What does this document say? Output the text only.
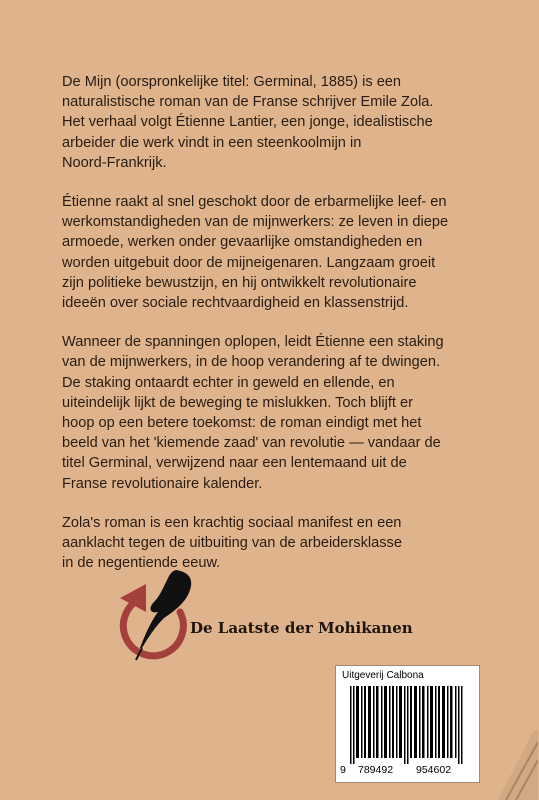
De Mijn (oorspronkelijke titel: Germinal, 1885) is een
naturalistische roman van de Franse schrijver Emile Zola.
Het verhaal volgt Étienne Lantier, een jonge, idealistische
arbeider die werk vindt in een steenkoolmijn in
Noord-Frankrijk.

Étienne raakt al snel geschokt door de erbarmelijke leef- en
werkomstandigheden van de mijnwerkers: ze leven in diepe
armoede, werken onder gevaarlijke omstandigheden en
worden uitgebuit door de mijneigenaren. Langzaam groeit
zijn politieke bewustzijn, en hij ontwikkelt revolutionaire
ideeën over sociale rechtvaardigheid en klassenstrijd.

Wanneer de spanningen oplopen, leidt Étienne een staking
van de mijnwerkers, in de hoop verandering af te dwingen.
De staking ontaardt echter in geweld en ellende, en
uiteindelijk lijkt de beweging te mislukken. Toch blijft er
hoop op een betere toekomst: de roman eindigt met het
beeld van het 'kiemende zaad' van revolutie — vandaar de
titel Germinal, verwijzend naar een lentemaand uit de
Franse revolutionaire kalender.

Zola's roman is een krachtig sociaal manifest en een
aanklacht tegen de uitbuiting van de arbeidersklasse
in de negentiende eeuw.

De Laatste der Mohikanen
Uitgeverij Calbona
9 789492 954602
